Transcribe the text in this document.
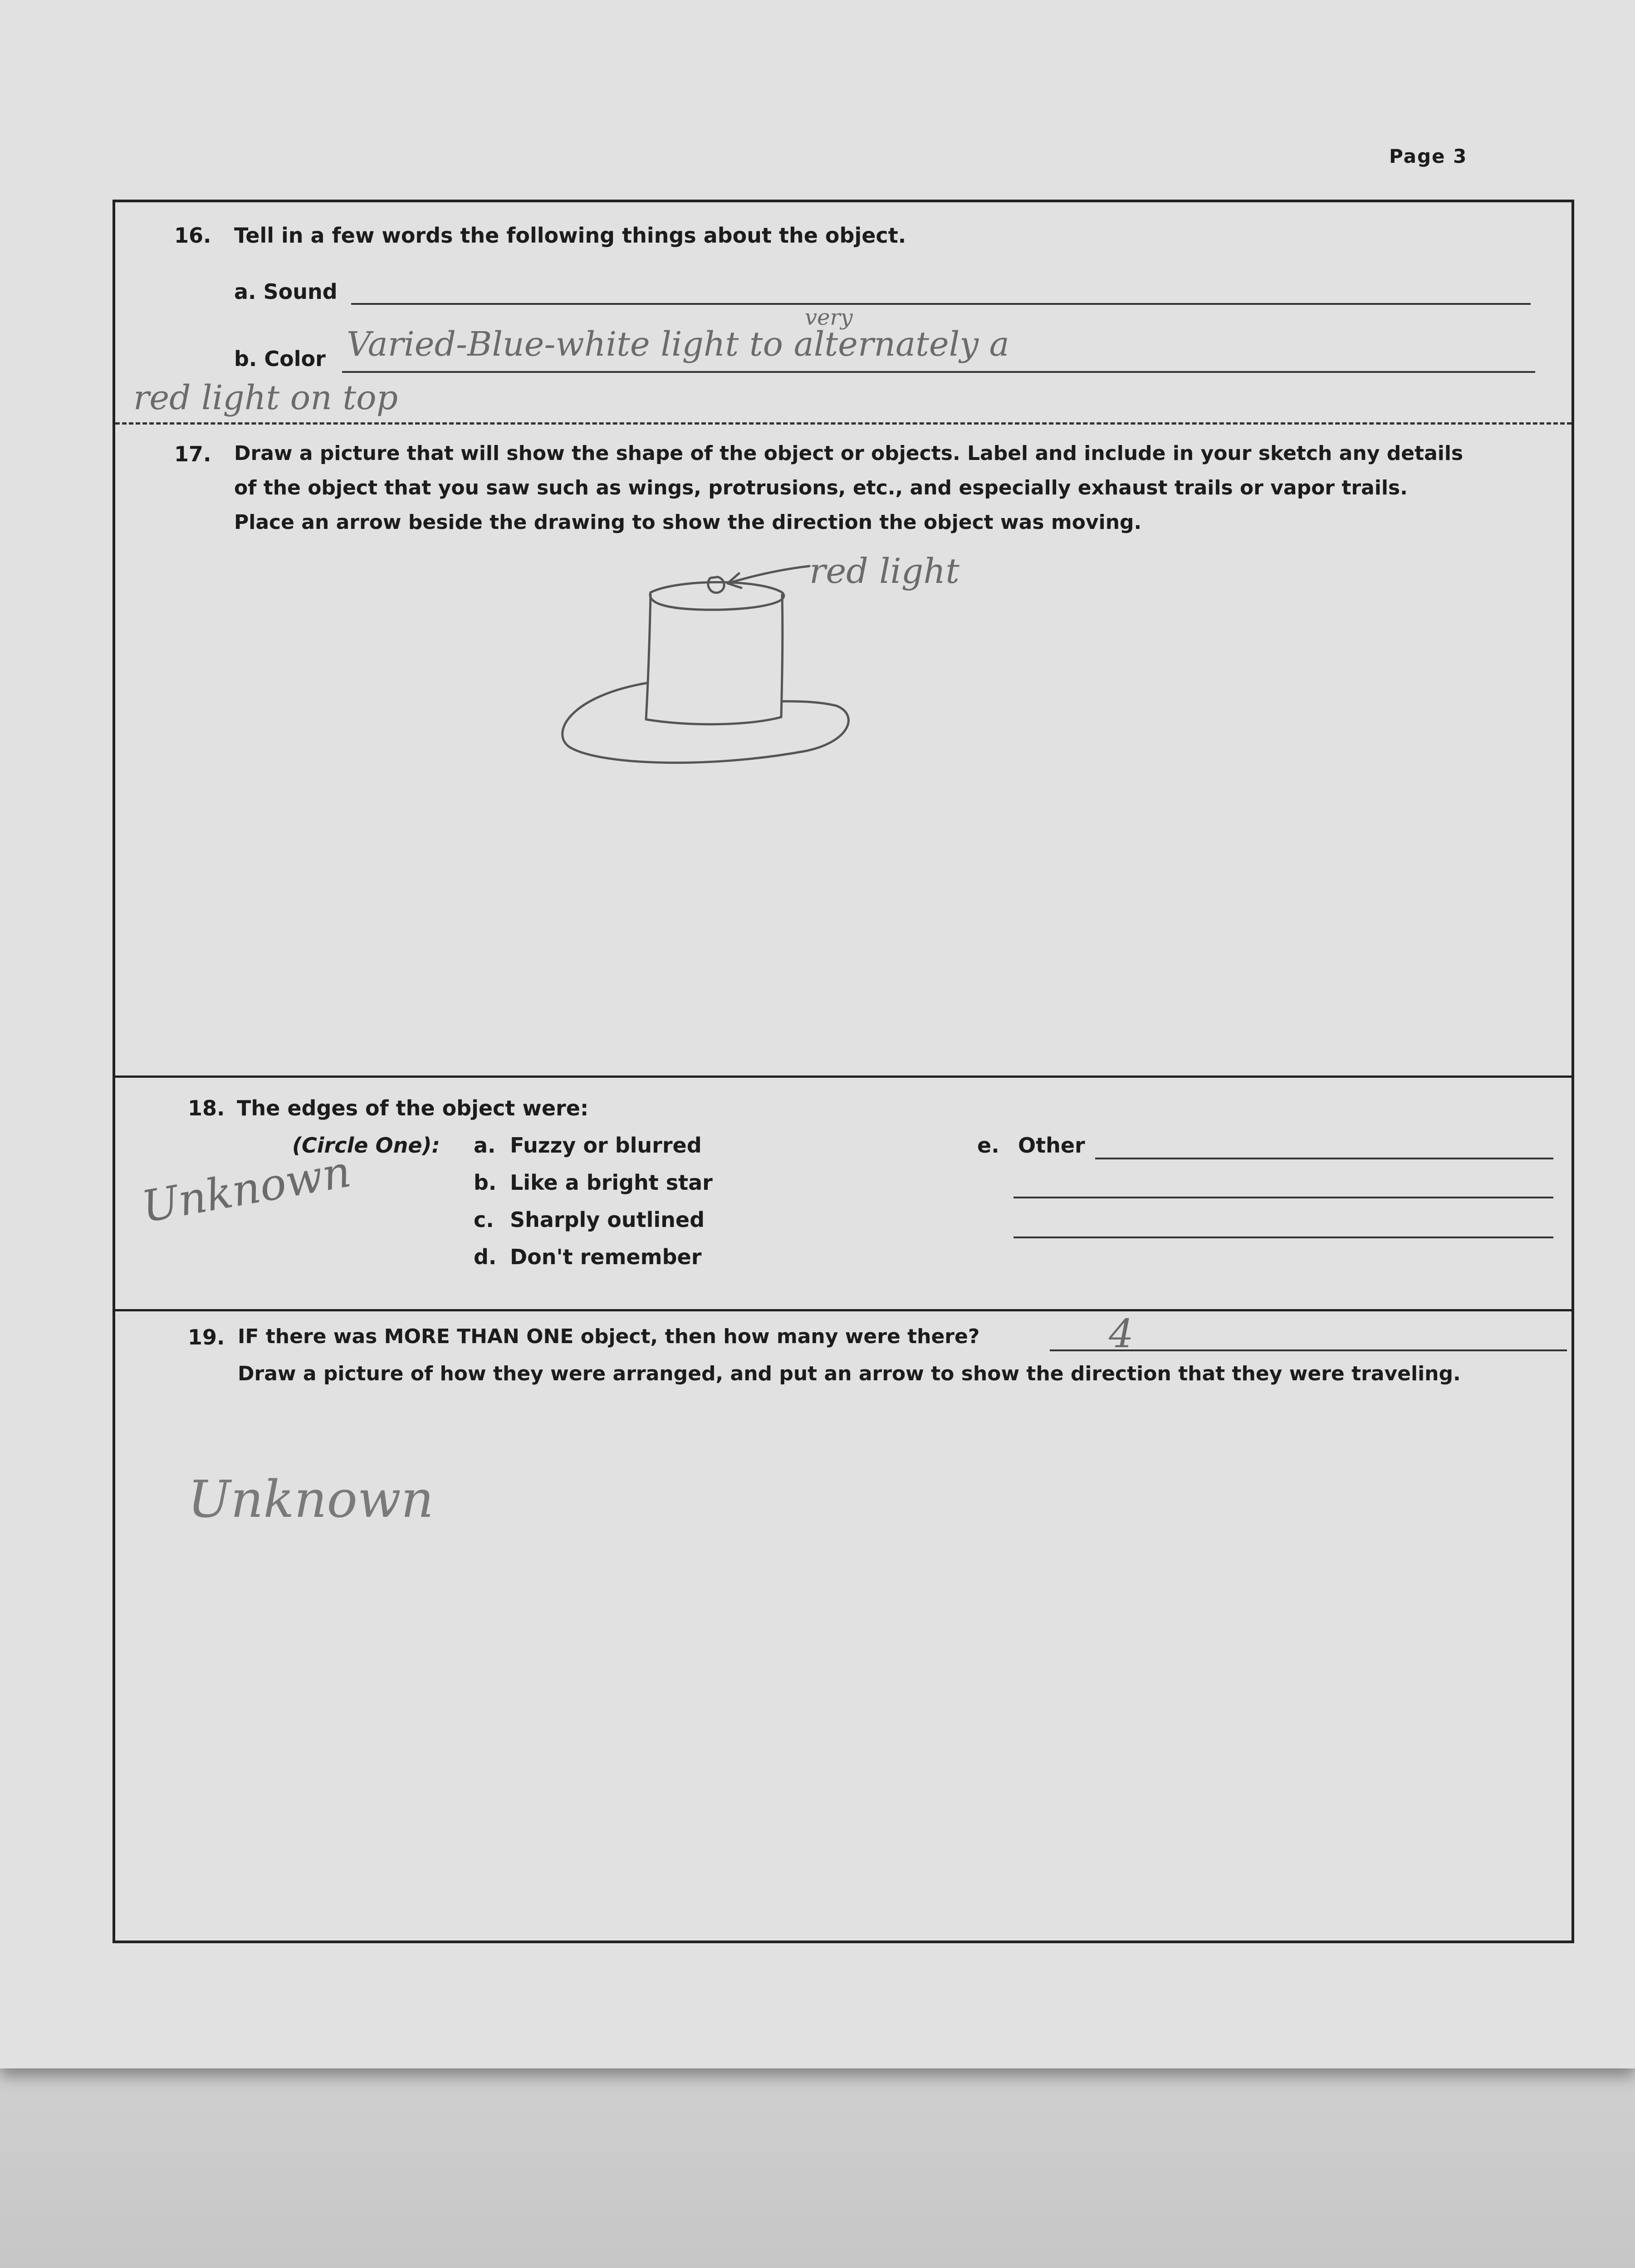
Page 3
16. Tell in a few words the following things about the object.
a. Sound
very
b. Color Varied-Blue-white light to alternately a
red light on top
17. Draw a picture that will show the shape of the object or objects. Label and include in your sketch any details
of the object that you saw such as wings, protrusions, etc., and especially exhaust trails or vapor trails.
Place an arrow beside the drawing to show the direction the object was moving.
red light
18. The edges of the object were:
(Circle One): a. Fuzzy or blurred
b. Like a bright star
c. Sharply outlined
d. Don't remember
e. Other
Unknown
19. IF there was MORE THAN ONE object, then how many were there?	4
Draw a picture of how they were arranged, and put an arrow to show the direction that they were traveling.
Unknown
